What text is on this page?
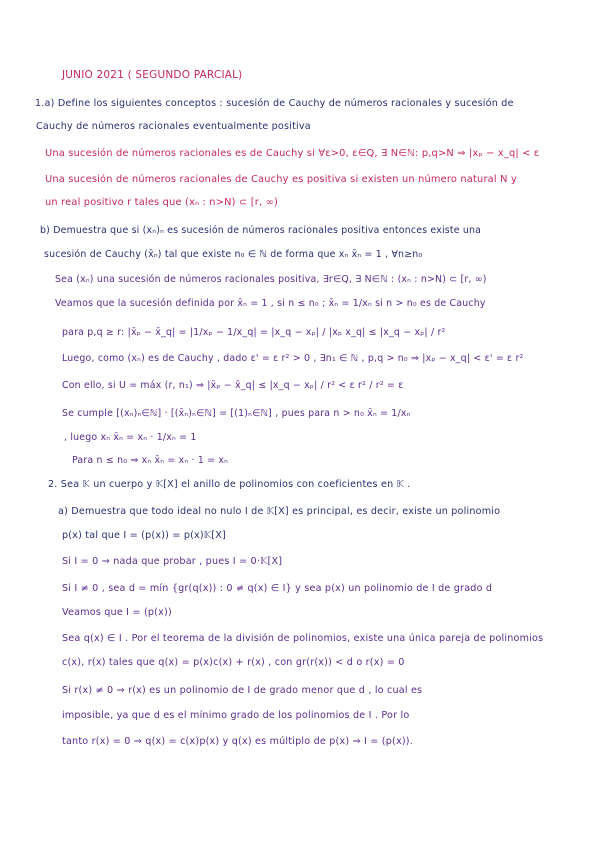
JUNIO 2021 ( SEGUNDO PARCIAL)
1.a) Define los siguientes conceptos : sucesión de Cauchy de números racionales y sucesión de
Cauchy de números racionales eventualmente positiva
Una sucesión de números racionales es de Cauchy si ∀ε>0, ε∈Q, ∃ N∈ℕ: p,q>N ⇒ |xₚ − x_q| < ε
Una sucesión de números racionales de Cauchy es positiva si existen un número natural N y
un real positivo r tales que (xₙ : n>N) ⊂ [r, ∞)
b) Demuestra que si (xₙ)ₙ es sucesión de números racionales positiva entonces existe una
sucesión de Cauchy (x̄ₙ) tal que existe n₀ ∈ ℕ de forma que xₙ x̄ₙ = 1 , ∀n≥n₀
Sea (xₙ) una sucesión de números racionales positiva, ∃r∈Q, ∃ N∈ℕ : (xₙ : n>N) ⊂ [r, ∞)
Veamos que la sucesión definida por x̄ₙ = 1 , si n ≤ n₀ ; x̄ₙ = 1/xₙ si n > n₀ es de Cauchy
para p,q ≥ r: |x̄ₚ − x̄_q| = |1/xₚ − 1/x_q| = |x_q − xₚ| / |xₚ x_q| ≤ |x_q − xₚ| / r²
Luego, como (xₙ) es de Cauchy , dado ε' = ε r² > 0 , ∃n₁ ∈ ℕ , p,q > n₀ ⇒ |xₚ − x_q| < ε' = ε r²
Con ello, si U = máx (r, n₁) ⇒ |x̄ₚ − x̄_q| ≤ |x_q − xₚ| / r² < ε r² / r² = ε
Se cumple [(xₙ)ₙ∈ℕ] · [(x̄ₙ)ₙ∈ℕ] = [(1)ₙ∈ℕ] , pues para n > n₀ x̄ₙ = 1/xₙ
, luego xₙ x̄ₙ = xₙ · 1/xₙ = 1
Para n ≤ n₀ ⇒ xₙ x̄ₙ = xₙ · 1 = xₙ
2. Sea 𝕂 un cuerpo y 𝕂[X] el anillo de polinomios con coeficientes en 𝕂 .
a) Demuestra que todo ideal no nulo I de 𝕂[X] es principal, es decir, existe un polinomio
p(x) tal que I = (p(x)) = p(x)𝕂[X]
Si I = 0 ⇒ nada que probar , pues I = 0·𝕂[X]
Si I ≠ 0 , sea d = mín {gr(q(x)) : 0 ≠ q(x) ∈ I} y sea p(x) un polinomio de I de grado d
Veamos que I = (p(x))
Sea q(x) ∈ I . Por el teorema de la división de polinomios, existe una única pareja de polinomios
c(x), r(x) tales que q(x) = p(x)c(x) + r(x) , con gr(r(x)) < d o r(x) = 0
Si r(x) ≠ 0 ⇒ r(x) es un polinomio de I de grado menor que d , lo cual es
imposible, ya que d es el mínimo grado de los polinomios de I . Por lo
tanto r(x) = 0 ⇒ q(x) = c(x)p(x) y q(x) es múltiplo de p(x) ⇒ I = (p(x)).
